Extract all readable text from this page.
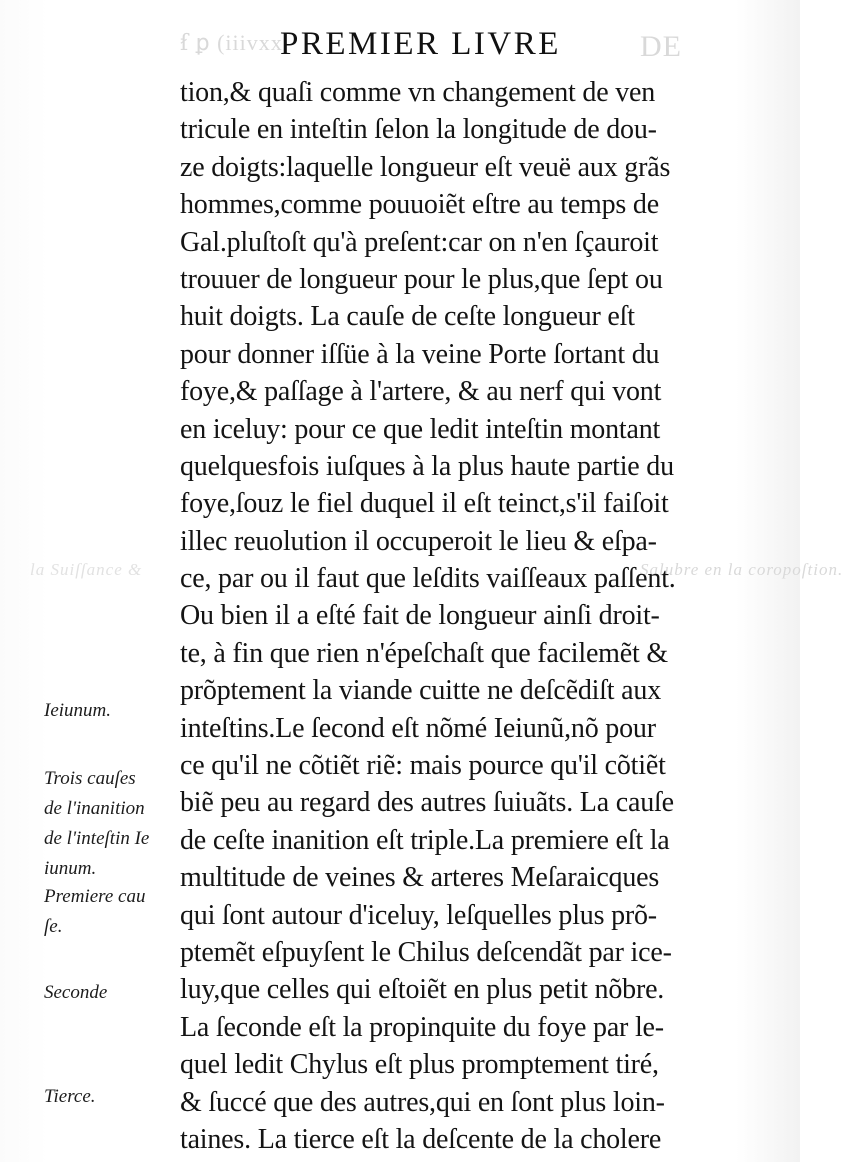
ẜ ꝑ (iiivxx	DE
Salubre en la coropoſtion.
la Suiſſance &
PREMIER LIVRE
tion,& quaſi comme vn changement de ven
tricule en inteſtin ſelon la longitude de dou-
ze doigts:laquelle longueur eſt veuë aux grãs
hommes,comme pouuoiẽt eſtre au temps de
Gal.pluſtoſt qu'à preſent:car on n'en ſçauroit
trouuer de longueur pour le plus,que ſept ou
huit doigts. La cauſe de ceſte longueur eſt
pour donner iſſüe à la veine Porte ſortant du
foye,& paſſage à l'artere, & au nerf qui vont
en iceluy: pour ce que ledit inteſtin montant
quelquesfois iuſques à la plus haute partie du
foye,ſouz le fiel duquel il eſt teinct,s'il faiſoit
illec reuolution il occuperoit le lieu & eſpa-
ce, par ou il faut que leſdits vaiſſeaux paſſent.
Ou bien il a eſté fait de longueur ainſi droit-
te, à fin que rien n'épeſchaſt que facilemẽt &
prõptement la viande cuitte ne deſcẽdiſt aux
inteſtins.Le ſecond eſt nõmé Ieiunũ,nõ pour
ce qu'il ne cõtiẽt riẽ: mais pource qu'il cõtiẽt
biẽ peu au regard des autres ſuiuãts. La cauſe
de ceſte inanition eſt triple.La premiere eſt la
multitude de veines & arteres Meſaraicques
qui ſont autour d'iceluy, leſquelles plus prõ-
ptemẽt eſpuyſent le Chilus deſcendãt par ice-
luy,que celles qui eſtoiẽt en plus petit nõbre.
La ſeconde eſt la propinquite du foye par le-
quel ledit Chylus eſt plus promptement tiré,
& ſuccé que des autres,qui en ſont plus loin-
taines. La tierce eſt la deſcente de la cholere
Ieiunum.
Trois cauſes
de l'inanition
de l'inteſtin Ie
iunum.
Premiere cau
ſe.
Seconde
Tierce.
